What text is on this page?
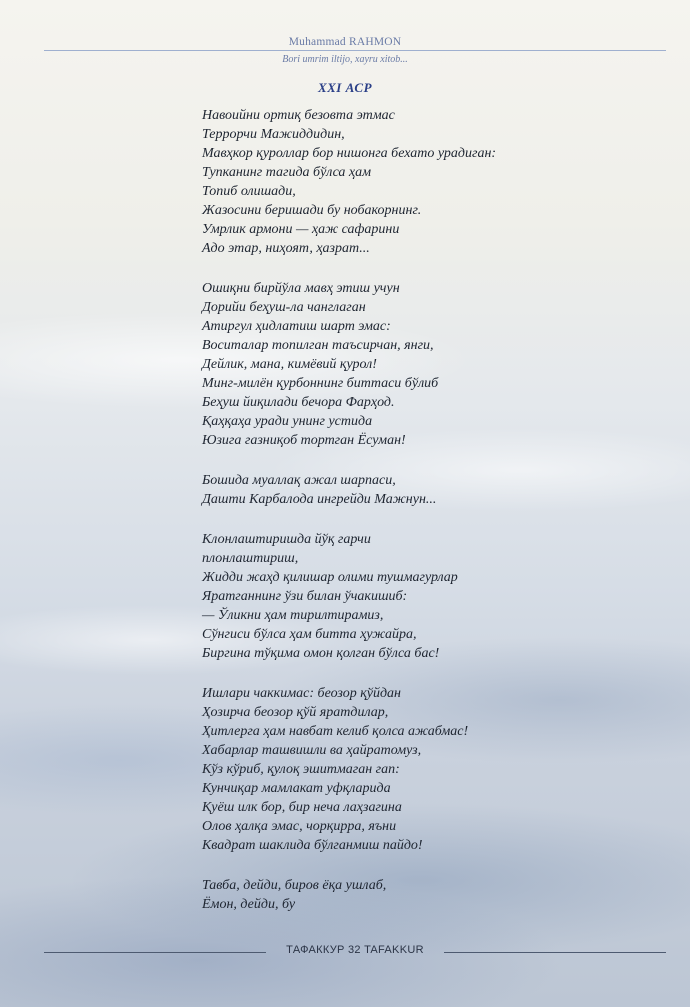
Muhammad RAHMON
Bori umrim iltijo, xayru xitob...
XXI АСР
Навоийни ортиқ безовта этмас
Террорчи Мажиддидин,
Мавҳкор қуроллар бор нишонга бехато урадиган:
Тупканинг тагида бўлса ҳам
Топиб олишади,
Жазосини беришади бу нобакорнинг.
Умрлик армони — ҳаж сафарини
Адо этар, ниҳоят, ҳазрат...
Ошиқни бирйўла мавҳ этиш учун
Дорийи беҳуш-ла чанглаган
Атиргул ҳидлатиш шарт эмас:
Воситалар топилган таъсирчан, янги,
Дейлик, мана, кимёвий қурол!
Минг-милён қурбоннинг биттаси бўлиб
Беҳуш йиқилади бечора Фарҳод.
Қаҳқаҳа уради унинг устида
Юзига газниқоб тортган Ёсуман!
Бошида муаллақ ажал шарпаси,
Дашти Карбалода ингрейди Мажнун...
Клонлаштиришда йўқ гарчи
плонлаштириш,
Жидди жаҳд қилишар олими тушмагурлар
Яратганнинг ўзи билан ўчакишиб:
— Ўликни ҳам тирилтирамиз,
Сўнгиси бўлса ҳам битта ҳужайра,
Биргина тўқима омон қолган бўлса бас!
Ишлари чаккимас: беозор қўйдан
Ҳозирча беозор қўй яратдилар,
Ҳитлерга ҳам навбат келиб қолса ажабмас!
Хабарлар ташвишли ва ҳайратомуз,
Кўз кўриб, қулоқ эшитмаган гап:
Кунчиқар мамлакат уфқларида
Қуёш илк бор, бир неча лаҳзагина
Олов ҳалқа эмас, чорқирра, яъни
Квадрат шаклида бўлганмиш пайдо!
Тавба, дейди, биров ёқа ушлаб,
Ёмон, дейди, бу
ТАФАККУР 32 TAFAKKUR
